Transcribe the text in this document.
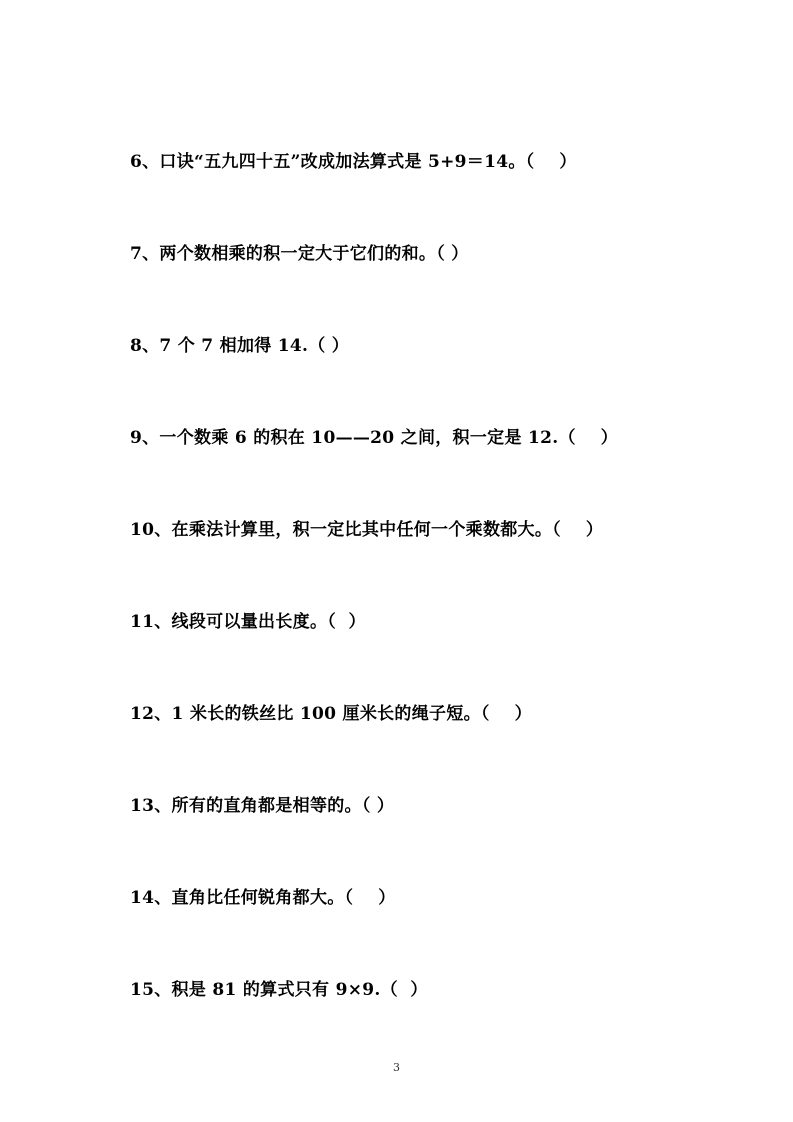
6、口诀“五九四十五”改成加法算式是 5+9＝14。（    ）
7、两个数相乘的积一定大于它们的和。（ ）
8、7 个 7 相加得 14.（ ）
9、一个数乘 6 的积在 10——20 之间，积一定是 12.（    ）
10、在乘法计算里，积一定比其中任何一个乘数都大。（    ）
11、线段可以量出长度。（  ）
12、1 米长的铁丝比 100 厘米长的绳子短。（    ）
13、所有的直角都是相等的。（ ）
14、直角比任何锐角都大。（    ）
15、积是 81 的算式只有 9×9.（  ）
3
